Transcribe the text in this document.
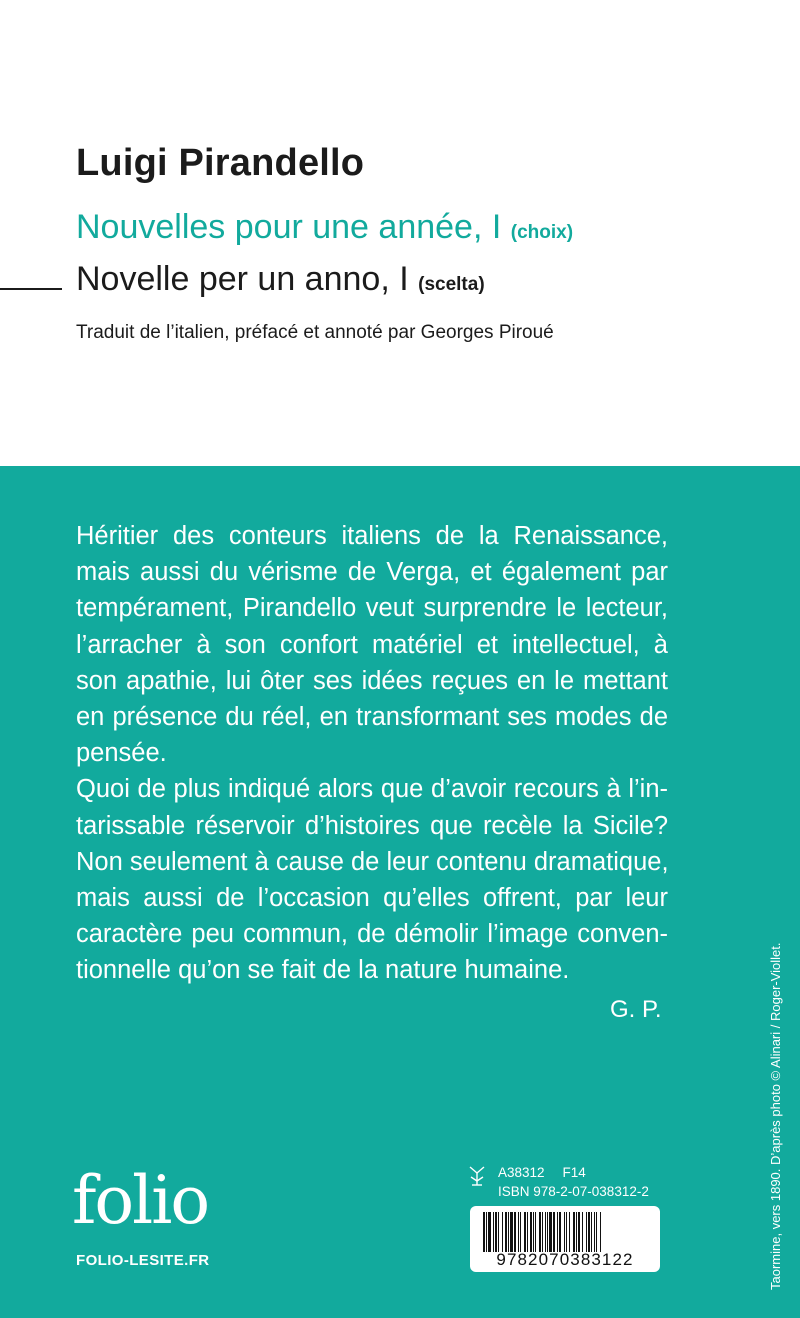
Luigi Pirandello
Nouvelles pour une année, I (choix)
Novelle per un anno, I (scelta)
Traduit de l’italien, préfacé et annoté par Georges Piroué
Héritier des conteurs italiens de la Renaissance,
mais aussi du vérisme de Verga, et également par
tempérament, Pirandello veut surprendre le lecteur,
l’arracher à son confort matériel et intellectuel, à
son apathie, lui ôter ses idées reçues en le mettant
en présence du réel, en transformant ses modes de
pensée.
Quoi de plus indiqué alors que d’avoir recours à l’in-
tarissable réservoir d’histoires que recèle la Sicile?
Non seulement à cause de leur contenu dramatique,
mais aussi de l’occasion qu’elles offrent, par leur
caractère peu commun, de démolir l’image conven-
tionnelle qu’on se fait de la nature humaine.
G. P.	Taormine, vers 1890. D’après photo © Alinari / Roger-Viollet.
folio
FOLIO-LESITE.FR
A38312 F14
ISBN 978-2-07-038312-2
9782070383122
